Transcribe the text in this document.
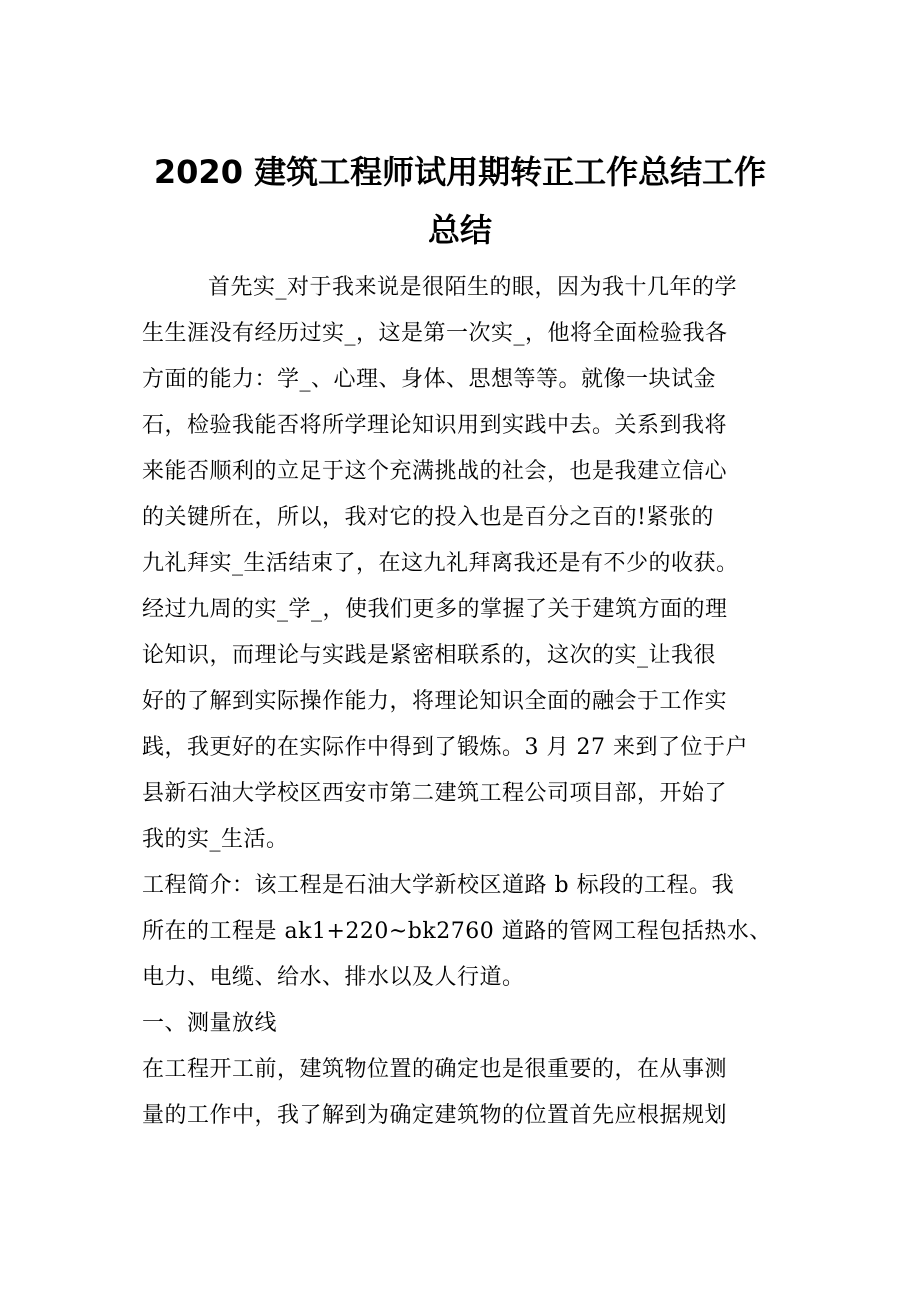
2020 建筑工程师试用期转正工作总结工作
总结
首先实_对于我来说是很陌生的眼，因为我十几年的学
生生涯没有经历过实_，这是第一次实_，他将全面检验我各
方面的能力：学_、心理、身体、思想等等。就像一块试金
石，检验我能否将所学理论知识用到实践中去。关系到我将
来能否顺利的立足于这个充满挑战的社会，也是我建立信心
的关键所在，所以，我对它的投入也是百分之百的!紧张的
九礼拜实_生活结束了，在这九礼拜离我还是有不少的收获。
经过九周的实_学_，使我们更多的掌握了关于建筑方面的理
论知识，而理论与实践是紧密相联系的，这次的实_让我很
好的了解到实际操作能力，将理论知识全面的融会于工作实
践，我更好的在实际作中得到了锻炼。3 月 27 来到了位于户
县新石油大学校区西安市第二建筑工程公司项目部，开始了
我的实_生活。
工程简介：该工程是石油大学新校区道路 b 标段的工程。我
所在的工程是 ak1+220~bk2760 道路的管网工程包括热水、
电力、电缆、给水、排水以及人行道。
一、测量放线
在工程开工前，建筑物位置的确定也是很重要的，在从事测
量的工作中，我了解到为确定建筑物的位置首先应根据规划
